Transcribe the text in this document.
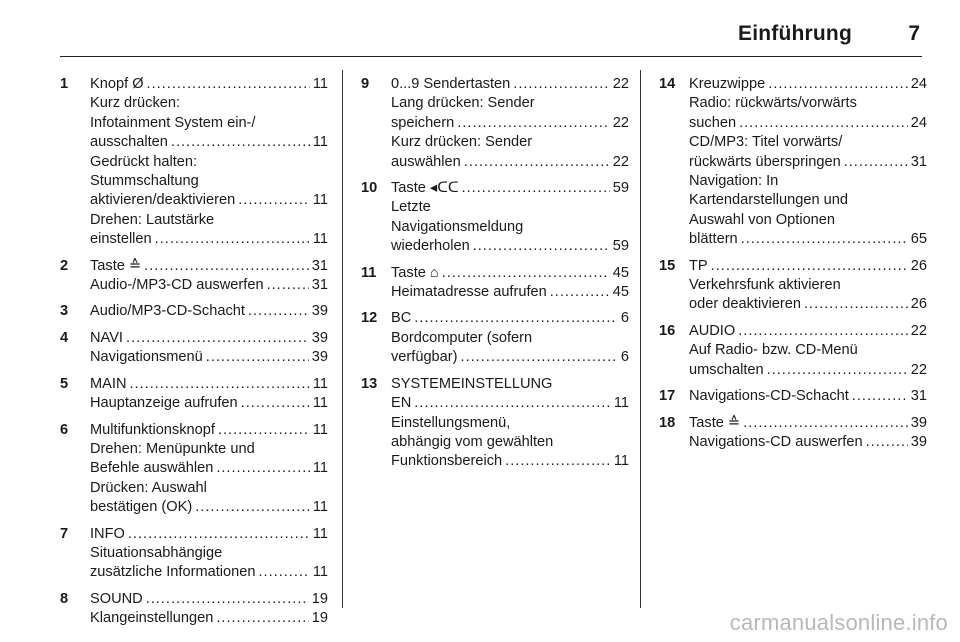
Einführung	7
1 Knopf Ø .....	11
Kurz drücken:
Infotainment System ein-/
ausschalten .....	11
Gedrückt halten:
Stummschaltung
aktivieren/deaktivieren .....	11
Drehen: Lautstärke
einstellen .....	11
2 Taste ≙ .....	31
Audio-/MP3-CD auswerfen .....	31
3 Audio/MP3-CD-Schacht .....	39
4 NAVI .....	39
Navigationsmenü .....	39
5 MAIN .....	11
Hauptanzeige aufrufen .....	11
6 Multifunktionsknopf .....	11
Drehen: Menüpunkte und
Befehle auswählen .....	11
Drücken: Auswahl
bestätigen (OK) .....	11
7 INFO .....	11
Situationsabhängige
zusätzliche Informationen .....	11
8 SOUND .....	19
Klangeinstellungen .....	19
9 0...9 Sendertasten .....	22
Lang drücken: Sender
speichern .....	22
Kurz drücken: Sender
auswählen .....	22
10 Taste ◂ᑕᑕ .....	59
Letzte
Navigationsmeldung
wiederholen .....	59
11 Taste ⌂ .....	45
Heimatadresse aufrufen .....	45
12 BC .....	6
Bordcomputer (sofern
verfügbar) .....	6
13 SYSTEMEINSTELLUNG
EN .....	11
Einstellungsmenü,
abhängig vom gewählten
Funktionsbereich .....	11
14 Kreuzwippe .....	24
Radio: rückwärts/vorwärts
suchen .....	24
CD/MP3: Titel vorwärts/
rückwärts überspringen .....	31
Navigation: In
Kartendarstellungen und
Auswahl von Optionen
blättern .....	65
15 TP .....	26
Verkehrsfunk aktivieren
oder deaktivieren .....	26
16 AUDIO .....	22
Auf Radio- bzw. CD-Menü
umschalten .....	22
17 Navigations-CD-Schacht .....	31
18 Taste ≙ .....	39
Navigations-CD auswerfen .....	39
carmanualsonline.info
